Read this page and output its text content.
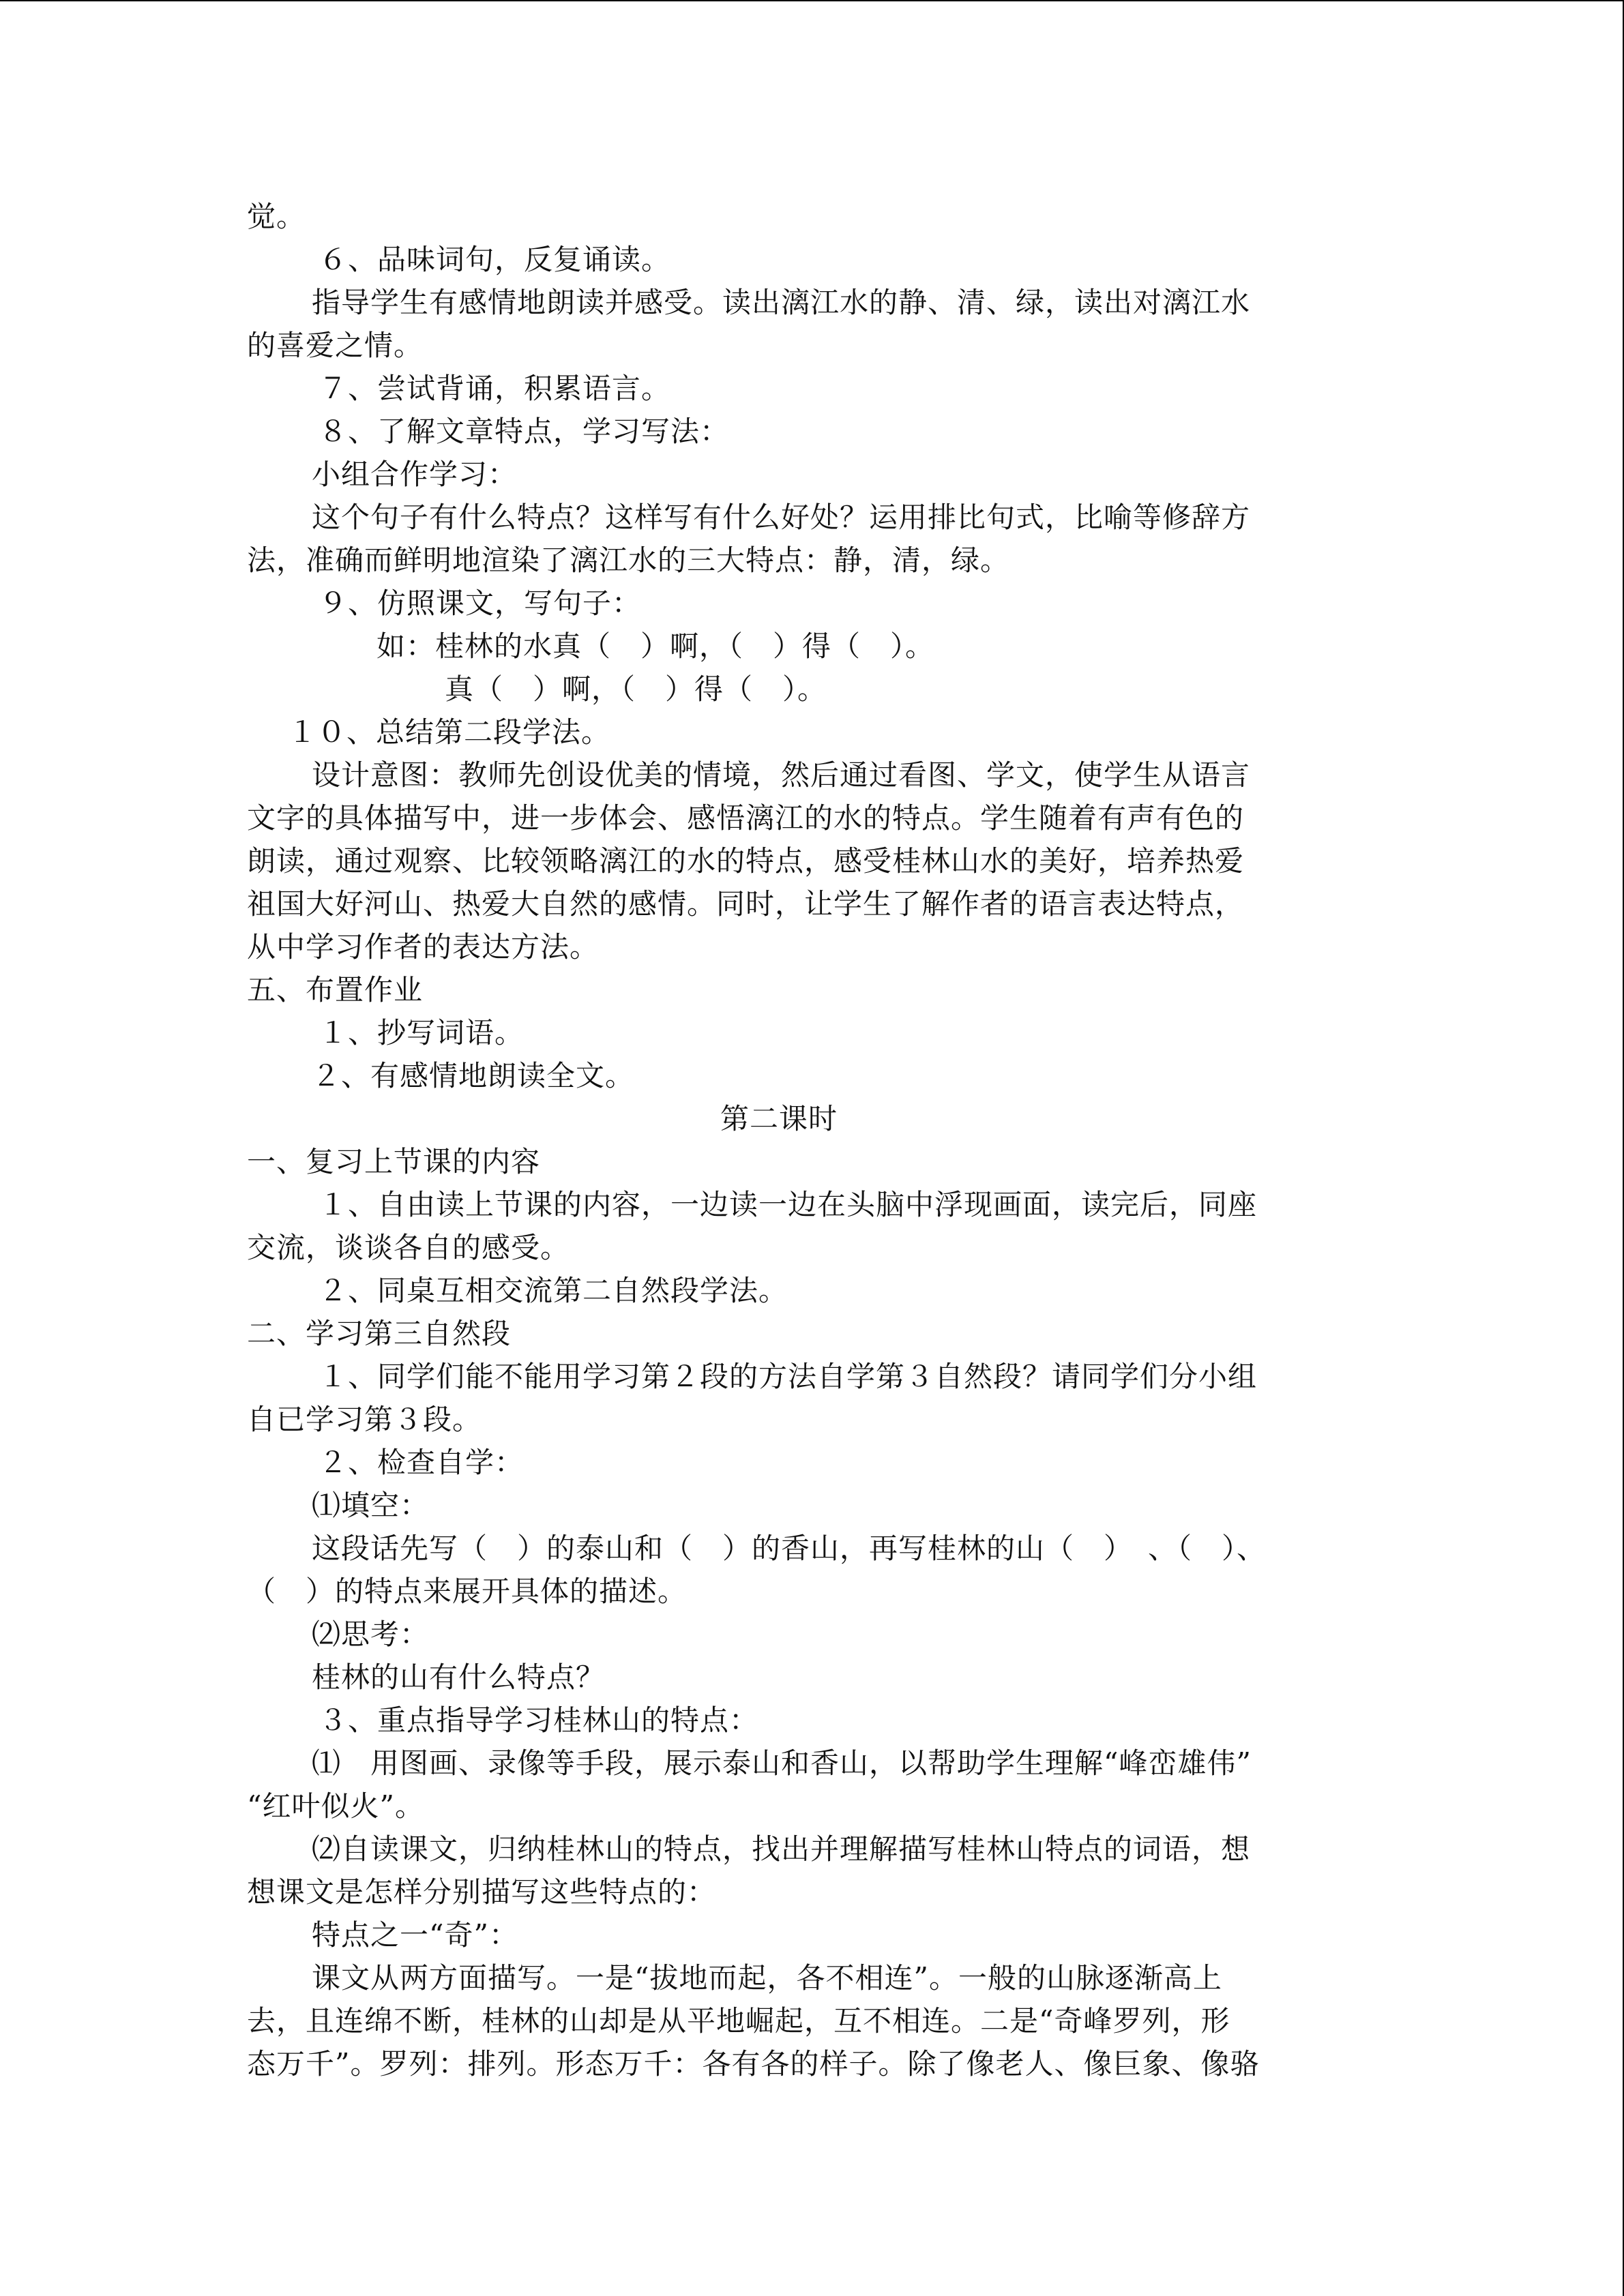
觉。
６、品味词句，反复诵读。
指导学生有感情地朗读并感受。读出漓江水的静、清、绿，读出对漓江水
的喜爱之情。
７、尝试背诵，积累语言。
８、了解文章特点，学习写法：
小组合作学习：
这个句子有什么特点？这样写有什么好处？运用排比句式，比喻等修辞方
法，准确而鲜明地渲染了漓江水的三大特点：静，清，绿。
９、仿照课文，写句子：
如：桂林的水真（　）啊，（　）得（　）。
真（　）啊，（　）得（　）。
１０、总结第二段学法。
设计意图：教师先创设优美的情境，然后通过看图、学文，使学生从语言
文字的具体描写中，进一步体会、感悟漓江的水的特点。学生随着有声有色的
朗读，通过观察、比较领略漓江的水的特点，感受桂林山水的美好，培养热爱
祖国大好河山、热爱大自然的感情。同时，让学生了解作者的语言表达特点，
从中学习作者的表达方法。
五、布置作业
１、抄写词语。
２、有感情地朗读全文。
第二课时
一、复习上节课的内容
１、自由读上节课的内容，一边读一边在头脑中浮现画面，读完后，同座
交流，谈谈各自的感受。
２、同桌互相交流第二自然段学法。
二、学习第三自然段
１、同学们能不能用学习第２段的方法自学第３自然段？请同学们分小组
自已学习第３段。
２、检查自学：
⑴填空：
这段话先写（　）的泰山和（　）的香山，再写桂林的山（　）　、（　）、
（　）的特点来展开具体的描述。
⑵思考：
桂林的山有什么特点？
３、重点指导学习桂林山的特点：
⑴　用图画、录像等手段，展示泰山和香山，以帮助学生理解“峰峦雄伟”
“红叶似火”。
⑵自读课文，归纳桂林山的特点，找出并理解描写桂林山特点的词语，想
想课文是怎样分别描写这些特点的：
特点之一“奇”：
课文从两方面描写。一是“拔地而起，各不相连”。一般的山脉逐渐高上
去，且连绵不断，桂林的山却是从平地崛起，互不相连。二是“奇峰罗列，形
态万千”。罗列：排列。形态万千：各有各的样子。除了像老人、像巨象、像骆
